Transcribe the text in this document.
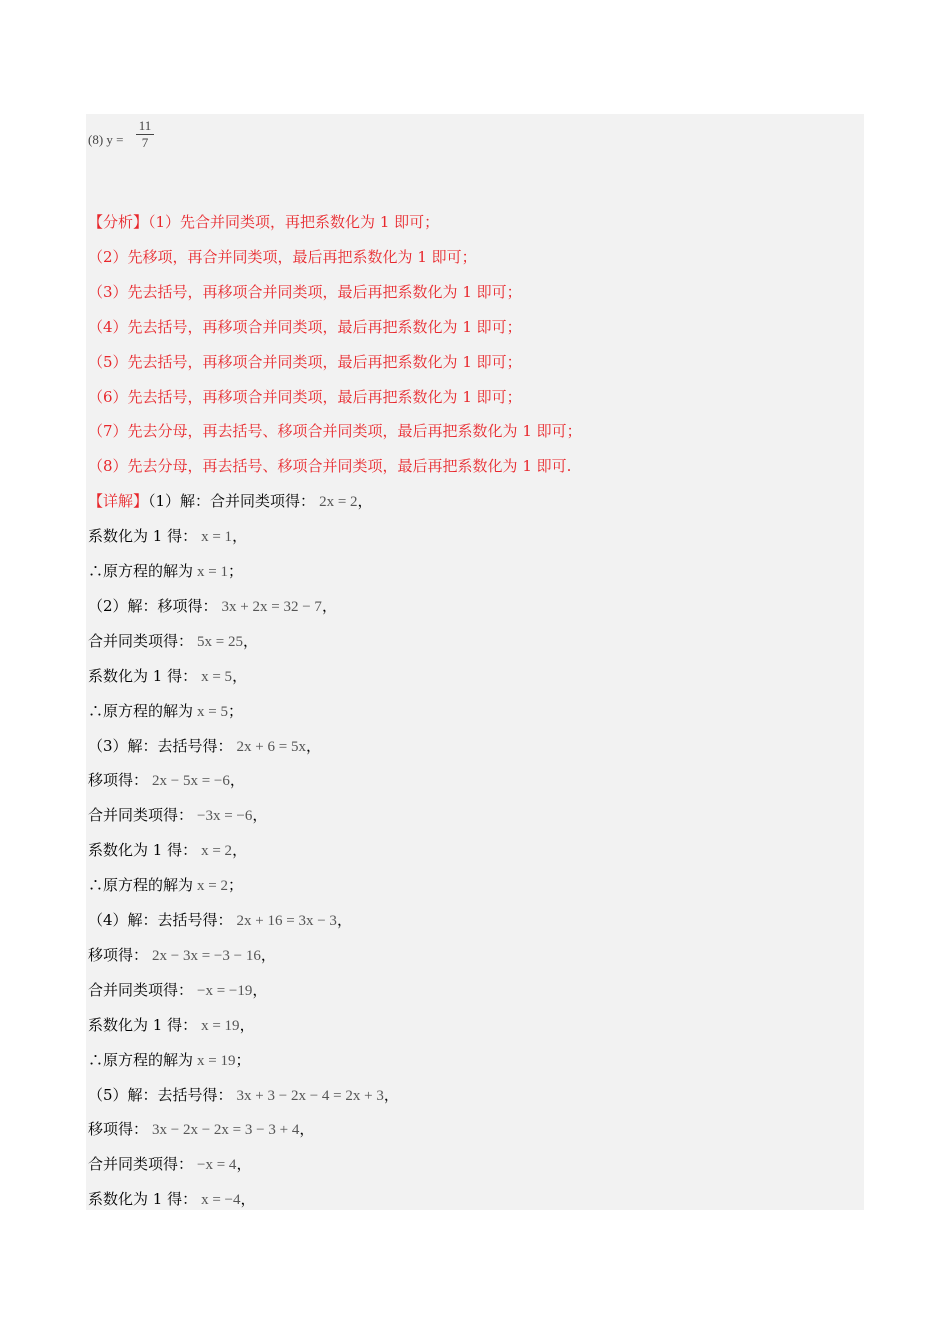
(8) $y = \frac{11}{7}$
【分析】（1）先合并同类项，再把系数化为 1 即可；
（2）先移项，再合并同类项，最后再把系数化为 1 即可；
（3）先去括号，再移项合并同类项，最后再把系数化为 1 即可；
（4）先去括号，再移项合并同类项，最后再把系数化为 1 即可；
（5）先去括号，再移项合并同类项，最后再把系数化为 1 即可；
（6）先去括号，再移项合并同类项，最后再把系数化为 1 即可；
（7）先去分母，再去括号、移项合并同类项，最后再把系数化为 1 即可；
（8）先去分母，再去括号、移项合并同类项，最后再把系数化为 1 即可.
【详解】（1）解：合并同类项得： 2x = 2，
系数化为 1 得： x = 1，
∴原方程的解为 x = 1；
（2）解：移项得： 3x + 2x = 32 − 7，
合并同类项得： 5x = 25，
系数化为 1 得： x = 5，
∴原方程的解为 x = 5；
（3）解：去括号得： 2x + 6 = 5x，
移项得： 2x − 5x = −6，
合并同类项得： −3x = −6，
系数化为 1 得： x = 2，
∴原方程的解为 x = 2；
（4）解：去括号得： 2x + 16 = 3x − 3，
移项得： 2x − 3x = −3 − 16，
合并同类项得： −x = −19，
系数化为 1 得： x = 19，
∴原方程的解为 x = 19；
（5）解：去括号得： 3x + 3 − 2x − 4 = 2x + 3，
移项得： 3x − 2x − 2x = 3 − 3 + 4，
合并同类项得： −x = 4，
系数化为 1 得： x = −4，
